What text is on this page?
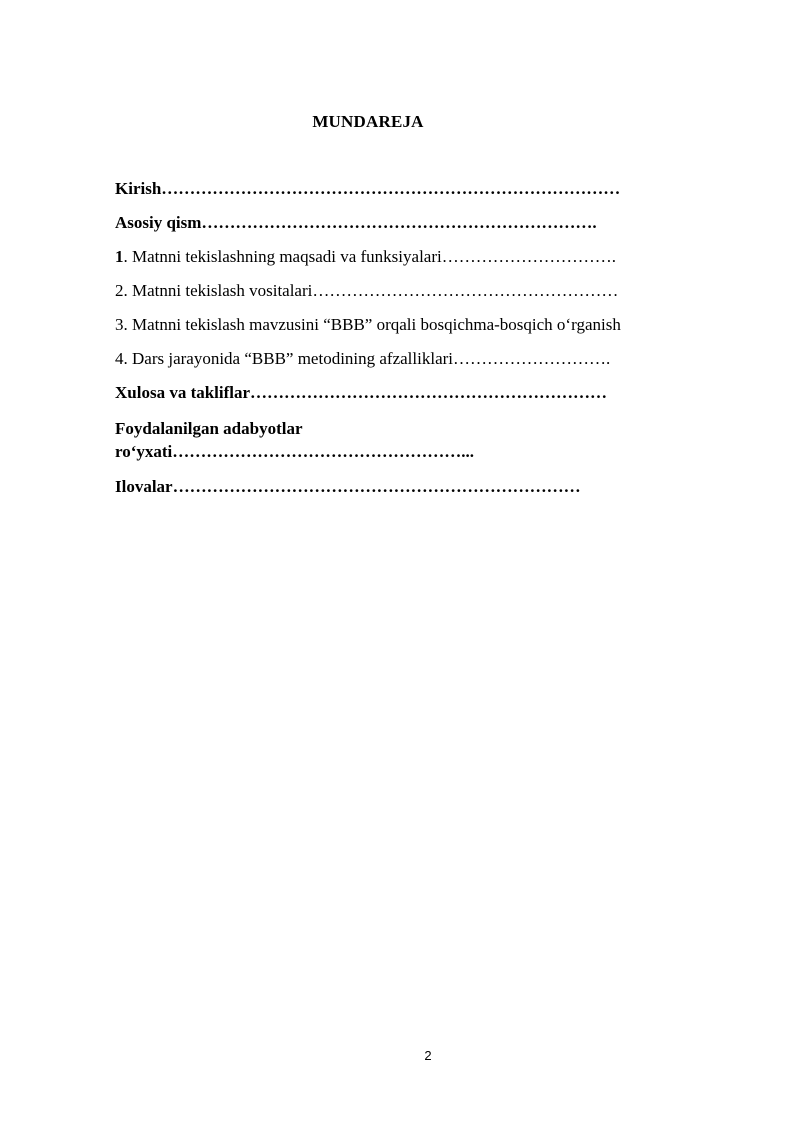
MUNDAREJA
Kirish………………………………………………………………………
Asosiy qism…………………………………………………………….
1. Matnni tekislashning maqsadi va funksiyalari………………………….
2. Matnni tekislash vositalari………………………………………………
3. Matnni tekislash mavzusini “BBB” orqali bosqichma-bosqich o‘rganish
4. Dars jarayonida “BBB” metodining afzalliklari……………………….
Xulosa va takliflar………………………………………………………
Foydalanilgan adabyotlar
ro‘yxati……………………………………………...
Ilovalar………………………………………………………………
2
